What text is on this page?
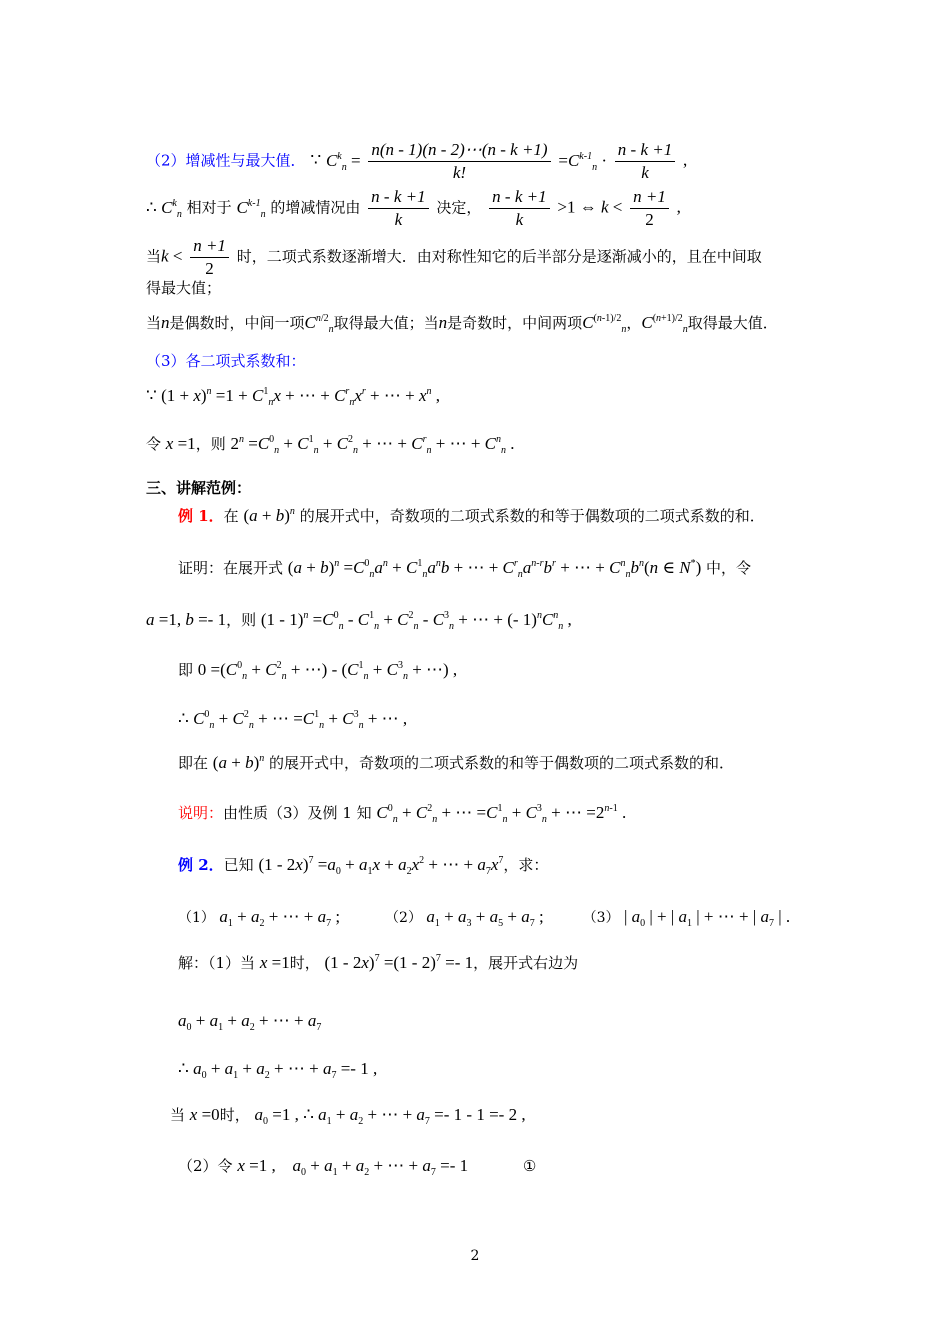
（2）增减性与最大值． ∵ $C^k_n = \frac{n(n - 1)(n - 2)\cdots(n - k +1)}{k!} =C^{k-1}_n \cdot \frac{n - k +1}{k}$ ,
∴ $C^k_n$ 相对于 $C^{k-1}_n$ 的增减情况由 $\frac{n - k +1}{k}$ 决定， $\frac{n - k +1}{k} >1$ ⇔ $k < \frac{n +1}{2}$ ,
当$k < \frac{n +1}{2}$ 时，二项式系数逐渐增大．由对称性知它的后半部分是逐渐减小的，且在中间取
得最大值；
当n是偶数时，中间一项$C^{n/2}_n$取得最大值；当n是奇数时，中间两项$C^{(n-1)/2}_n$，$C^{(n+1)/2}_n$取得最大值．
（3）各二项式系数和：
∵ $(1 + x)^n =1 + C^1_nx$ + ⋯ + $C^r_nx^r$ + ⋯ + $x^n$ ,
令 x =1，则 $2^n =C^0_n + C^1_n + C^2_n$ + ⋯ + $C^r_n$ + ⋯ + $C^n_n$ .
三、讲解范例：
例 1．在 $(a + b)^n$ 的展开式中，奇数项的二项式系数的和等于偶数项的二项式系数的和．
证明：在展开式 $(a + b)^n =C^0_na^n + C^1_na^nb$ + ⋯ + $C^r_na^{n-r}b^r$ + ⋯ + $C^n_nb^n(n$ ∈ N*) 中，令
a =1, b =- 1，则 $(1 - 1)^n =C^0_n - C^1_n + C^2_n - C^3_n$ + ⋯ + (- $1)^nC^n_n$ ,
即 $0 =(C^0_n + C^2_n$ + ⋯) - ($C^1_n + C^3_n$ + ⋯) ,
∴ $C^0_n + C^2_n$ + ⋯ $=C^1_n + C^3_n$ + ⋯ ,
即在 $(a + b)^n$ 的展开式中，奇数项的二项式系数的和等于偶数项的二项式系数的和．
说明：由性质（3）及例 1 知 $C^0_n + C^2_n$ + ⋯ $=C^1_n + C^3_n$ + ⋯ $=2^{n-1}$ .
例 2．已知 $(1 - 2x)^7 =a_0 + a_1x + a_2x^2$ + ⋯ + $a_7x^7$，求：
（1） $a_1 + a_2$ + ⋯ + $a_7$ ;	（2） $a_1 + a_3 + a_5 + a_7$ ;	（3） | $a_0$ | + | $a_1$ | + ⋯ + | $a_7$ | .
解：（1）当 x =1时， (1 - 2x)$^7$ =(1 - 2)$^7$ =- 1，展开式右边为
$a_0 + a_1 + a_2$ + ⋯ + $a_7$
∴ $a_0 + a_1 + a_2$ + ⋯ + $a_7 =- 1$ ,
当 x =0时， $a_0 =1$ , ∴ $a_1 + a_2$ + ⋯ + $a_7 =- 1 - 1 =- 2$ ,
（2）令 x =1 , $a_0 + a_1 + a_2$ + ⋯ + $a_7 =- 1$	①
2
